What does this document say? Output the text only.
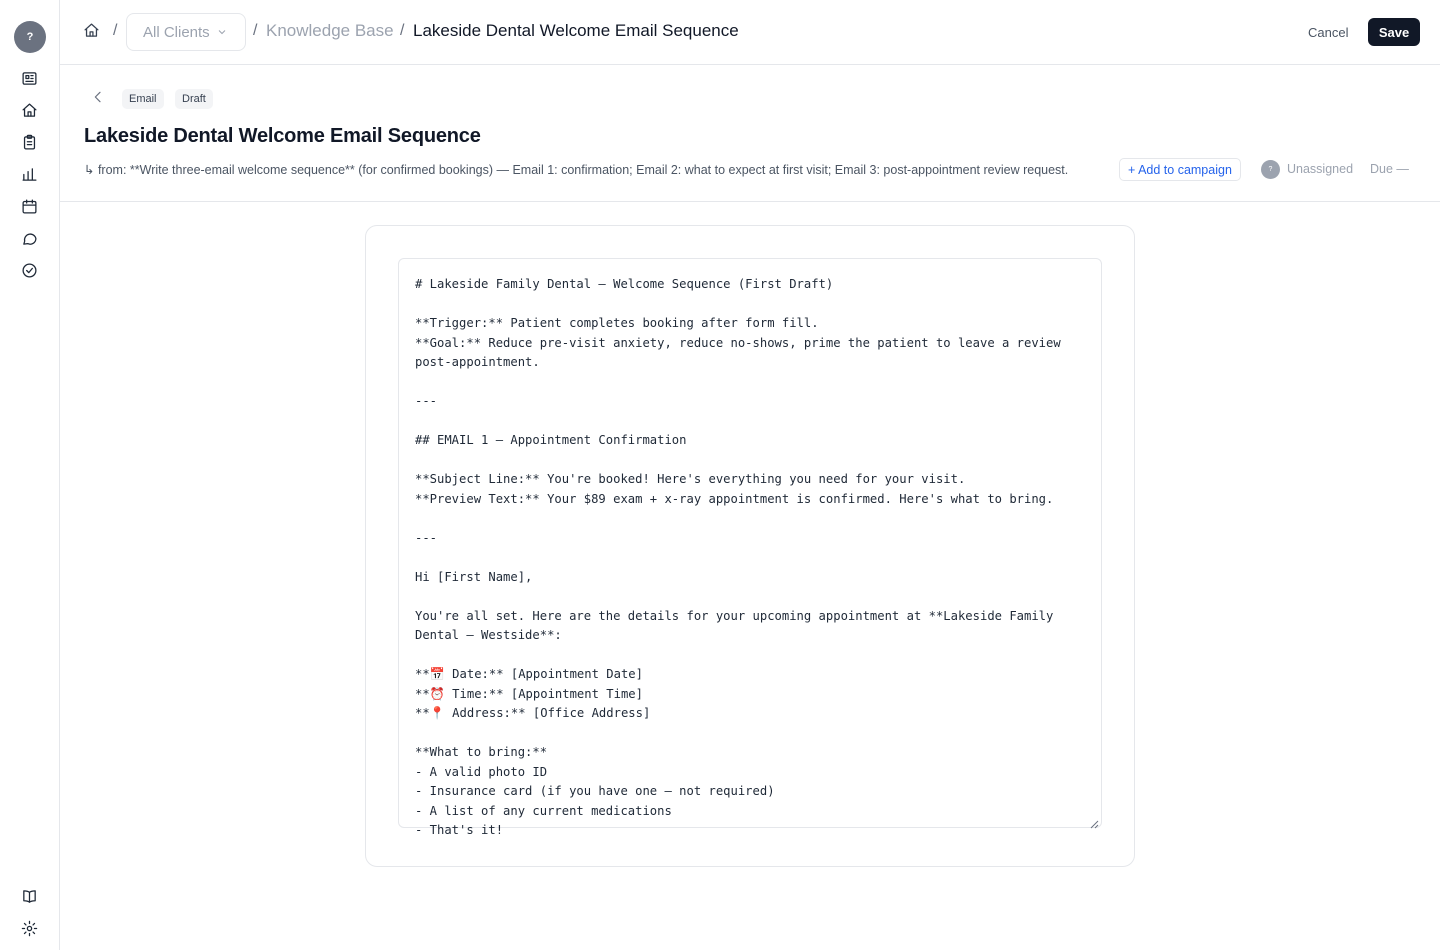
?	/ All Clients	/ Knowledge Base / Lakeside Dental Welcome Email Sequence	Cancel	Save
Email	Draft
Lakeside Dental Welcome Email Sequence
↳ from: **Write three-email welcome sequence** (for confirmed bookings) — Email 1: confirmation; Email 2: what to expect at first visit; Email 3: post-appointment review request.	+ Add to campaign	?	Unassigned Due —
# Lakeside Family Dental — Welcome Sequence (First Draft)

**Trigger:** Patient completes booking after form fill.
**Goal:** Reduce pre-visit anxiety, reduce no-shows, prime the patient to leave a review post-appointment.

---

## EMAIL 1 — Appointment Confirmation

**Subject Line:** You're booked! Here's everything you need for your visit.
**Preview Text:** Your $89 exam + x-ray appointment is confirmed. Here's what to bring.

---

Hi [First Name],

You're all set. Here are the details for your upcoming appointment at **Lakeside Family Dental — Westside**:

**📅 Date:** [Appointment Date]
**⏰ Time:** [Appointment Time]
**📍 Address:** [Office Address]

**What to bring:**
- A valid photo ID
- Insurance card (if you have one — not required)
- A list of any current medications
- That's it!
